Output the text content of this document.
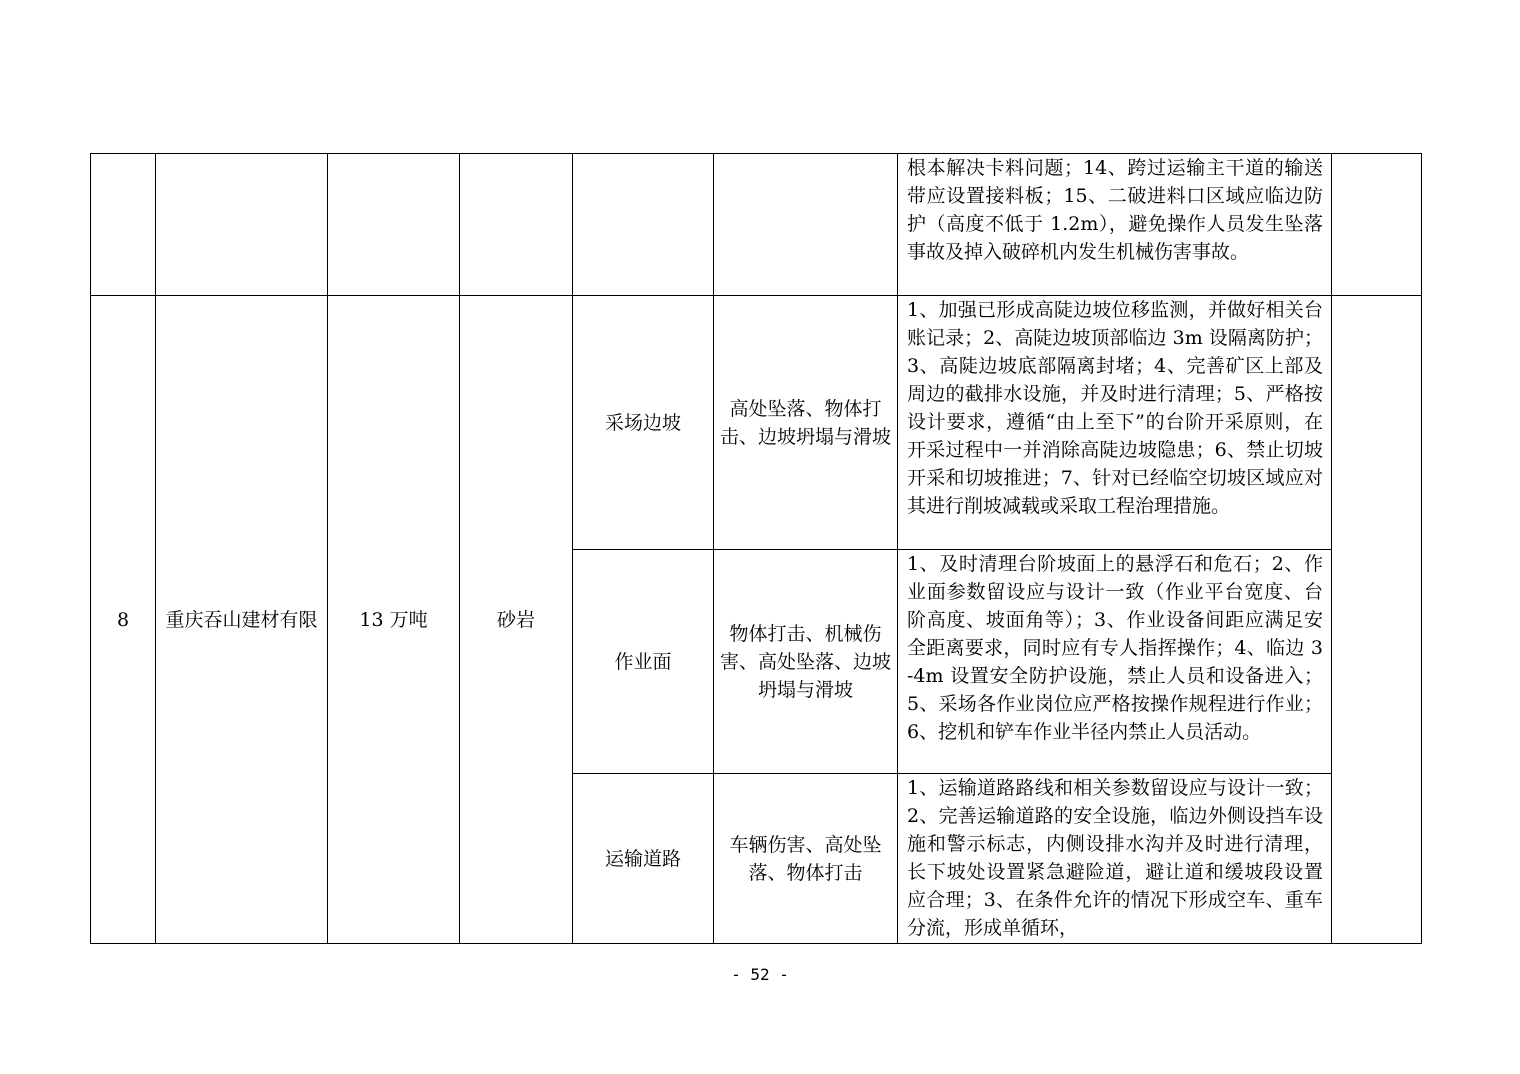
						根本解决卡料问题；14、跨过运输主干道的输送带应设置接料板；15、二破进料口区域应临边防护（高度不低于 1.2m），避免操作人员发生坠落事故及掉入破碎机内发生机械伤害事故。	
8	重庆吞山建材有限	13 万吨	砂岩	采场边坡	高处坠落、物体打击、边坡坍塌与滑坡	1、加强已形成高陡边坡位移监测，并做好相关台账记录；2、高陡边坡顶部临边 3m 设隔离防护；3、高陡边坡底部隔离封堵；4、完善矿区上部及周边的截排水设施，并及时进行清理；5、严格按设计要求，遵循“由上至下”的台阶开采原则，在开采过程中一并消除高陡边坡隐患；6、禁止切坡开采和切坡推进；7、针对已经临空切坡区域应对其进行削坡减载或采取工程治理措施。	
				作业面	物体打击、机械伤害、高处坠落、边坡坍塌与滑坡	1、及时清理台阶坡面上的悬浮石和危石；2、作业面参数留设应与设计一致（作业平台宽度、台阶高度、坡面角等）；3、作业设备间距应满足安全距离要求，同时应有专人指挥操作；4、临边 3-4m 设置安全防护设施，禁止人员和设备进入；5、采场各作业岗位应严格按操作规程进行作业；6、挖机和铲车作业半径内禁止人员活动。	
				运输道路	车辆伤害、高处坠落、物体打击	1、运输道路路线和相关参数留设应与设计一致；2、完善运输道路的安全设施，临边外侧设挡车设施和警示标志，内侧设排水沟并及时进行清理，长下坡处设置紧急避险道，避让道和缓坡段设置应合理；3、在条件允许的情况下形成空车、重车分流，形成单循环，	
- 52 -
